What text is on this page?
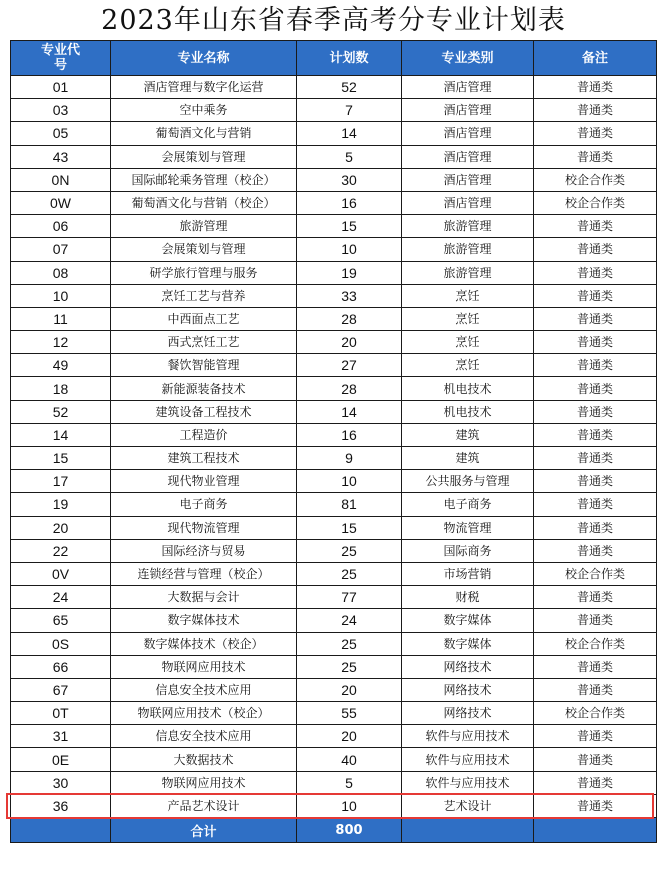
2023年山东省春季高考分专业计划表
专业代号	专业名称	计划数	专业类别	备注
01	酒店管理与数字化运营	52	酒店管理	普通类
03	空中乘务	7	酒店管理	普通类
05	葡萄酒文化与营销	14	酒店管理	普通类
43	会展策划与管理	5	酒店管理	普通类
0N	国际邮轮乘务管理（校企）	30	酒店管理	校企合作类
0W	葡萄酒文化与营销（校企）	16	酒店管理	校企合作类
06	旅游管理	15	旅游管理	普通类
07	会展策划与管理	10	旅游管理	普通类
08	研学旅行管理与服务	19	旅游管理	普通类
10	烹饪工艺与营养	33	烹饪	普通类
11	中西面点工艺	28	烹饪	普通类
12	西式烹饪工艺	20	烹饪	普通类
49	餐饮智能管理	27	烹饪	普通类
18	新能源装备技术	28	机电技术	普通类
52	建筑设备工程技术	14	机电技术	普通类
14	工程造价	16	建筑	普通类
15	建筑工程技术	9	建筑	普通类
17	现代物业管理	10	公共服务与管理	普通类
19	电子商务	81	电子商务	普通类
20	现代物流管理	15	物流管理	普通类
22	国际经济与贸易	25	国际商务	普通类
0V	连锁经营与管理（校企）	25	市场营销	校企合作类
24	大数据与会计	77	财税	普通类
65	数字媒体技术	24	数字媒体	普通类
0S	数字媒体技术（校企）	25	数字媒体	校企合作类
66	物联网应用技术	25	网络技术	普通类
67	信息安全技术应用	20	网络技术	普通类
0T	物联网应用技术（校企）	55	网络技术	校企合作类
31	信息安全技术应用	20	软件与应用技术	普通类
0E	大数据技术	40	软件与应用技术	普通类
30	物联网应用技术	5	软件与应用技术	普通类
36	产品艺术设计	10	艺术设计	普通类
	合计	800		
